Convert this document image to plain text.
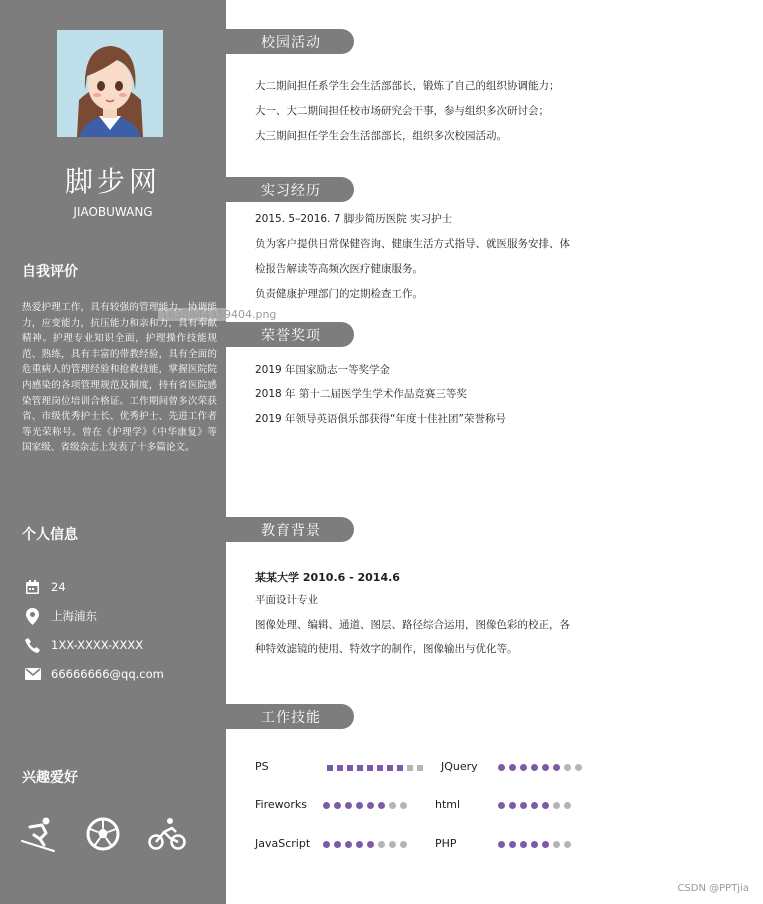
脚步网
JIAOBUWANG
自我评价
热爱护理工作，具有较强的管理能力，协调能力，应变能力，抗压能力和亲和力，具有奉献精神。护理专业知识全面，护理操作技能规范、熟练，具有丰富的带教经验，具有全面的危重病人的管理经验和抢救技能，掌握医院院内感染的各项管理规范及制度，持有省医院感染管理岗位培训合格证。工作期间曾多次荣获省、市级优秀护士长、优秀护士、先进工作者等光荣称号。曾在《护理学》《中华康复》等国家级、省级杂志上发表了十多篇论文。
个人信息
24
上海浦东
1XX-XXXX-XXXX
66666666@qq.com
兴趣爱好
1638844359404.png
校园活动
大二期间担任系学生会生活部部长，锻炼了自己的组织协调能力；
大一、大二期间担任校市场研究会干事，参与组织多次研讨会；
大三期间担任学生会生活部部长，组织多次校园活动。
实习经历
2015. 5–2016. 7 脚步简历医院 实习护士
负为客户提供日常保健咨询、健康生活方式指导、就医服务安排、体
检报告解读等高频次医疗健康服务。
负责健康护理部门的定期检查工作。
荣誉奖项
2019 年国家励志一等奖学金
2018 年 第十二届医学生学术作品竞赛三等奖
2019 年领导英语俱乐部获得“年度十佳社团”荣誉称号
教育背景
某某大学 2010.6 - 2014.6
平面设计专业
图像处理、编辑、通道、图层、路径综合运用，图像色彩的校正，各
种特效滤镜的使用、特效字的制作，图像输出与优化等。
工作技能
PS	JQuery
Fireworks	html
JavaScript	PHP
CSDN @PPTjia
